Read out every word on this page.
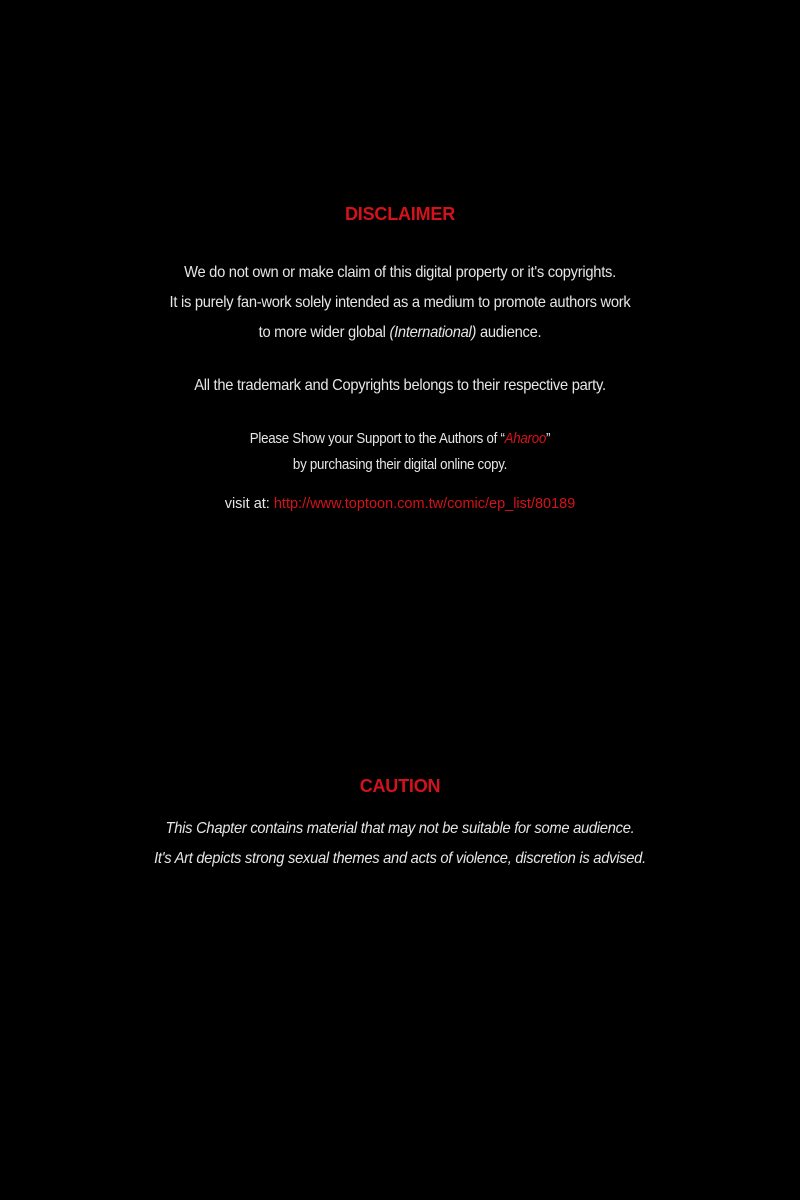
DISCLAIMER
We do not own or make claim of this digital property or it's copyrights.
It is purely fan-work solely intended as a medium to promote authors work
to more wider global (International) audience.
All the trademark and Copyrights belongs to their respective party.
Please Show your Support to the Authors of “Aharoo”
by purchasing their digital online copy.
visit at: http://www.toptoon.com.tw/comic/ep_list/80189
CAUTION
This Chapter contains material that may not be suitable for some audience.
It's Art depicts strong sexual themes and acts of violence, discretion is advised.
